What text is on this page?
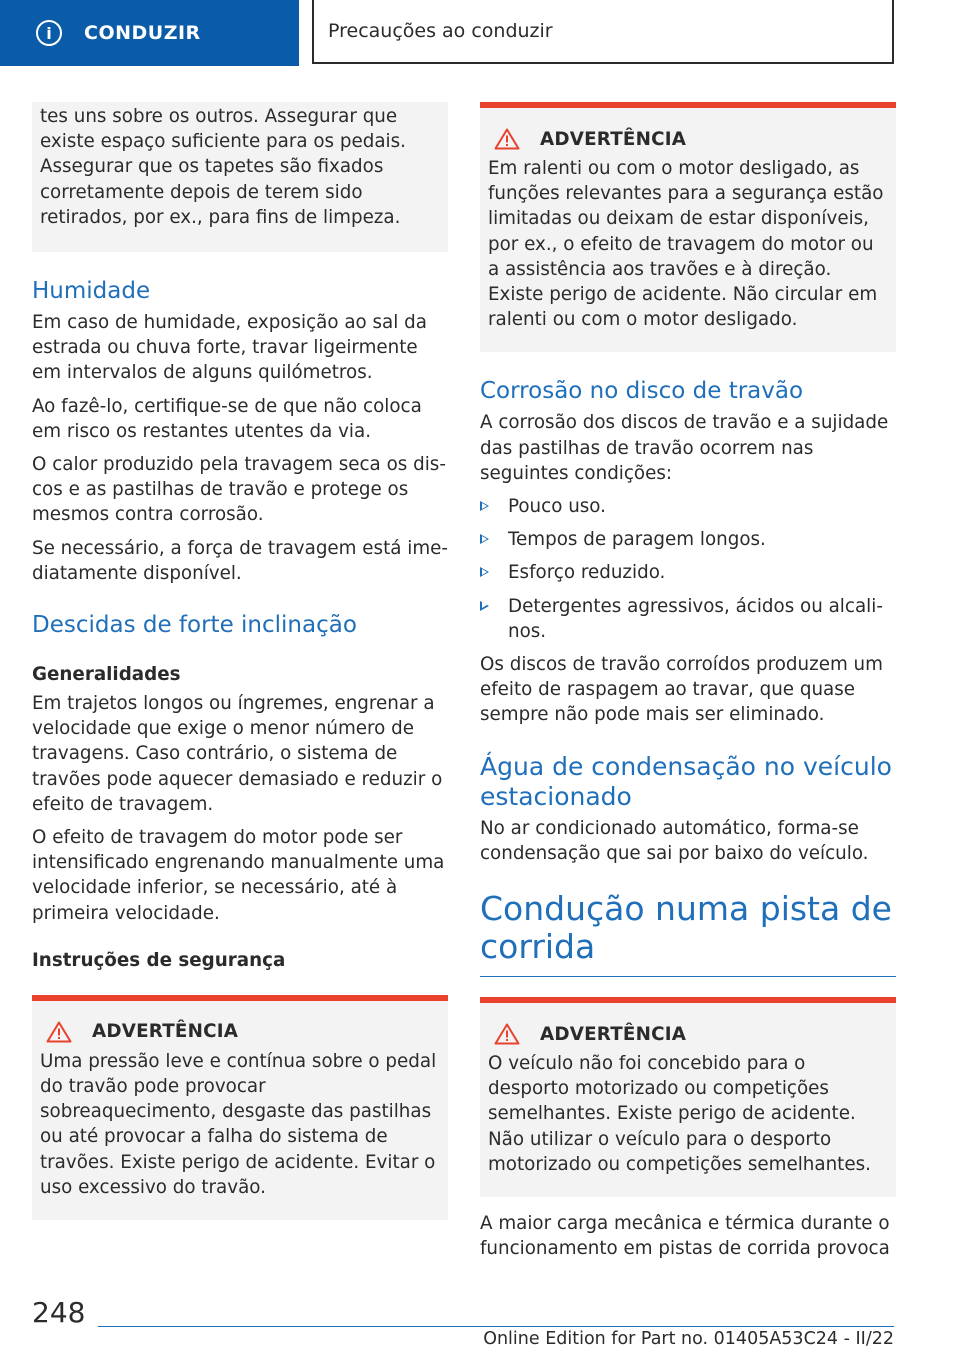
i	CONDUZIR	Precauções ao conduzir

tes uns sobre os outros. Assegurar que existe espaço suficiente para os pedais. Assegurar que os tapetes são fixados corretamente depois de terem sido retirados, por ex., para fins de limpeza.

Humidade

Em caso de humidade, exposição ao sal da estrada ou chuva forte, travar ligeirmente em intervalos de alguns quilómetros.

Ao fazê-lo, certifique-se de que não coloca em risco os restantes utentes da via.

O calor produzido pela travagem seca os discos e as pastilhas de travão e protege os mesmos contra corrosão.

Se necessário, a força de travagem está imediatamente disponível.

Descidas de forte inclinação
Generalidades

Em trajetos longos ou íngremes, engrenar a velocidade que exige o menor número de travagens. Caso contrário, o sistema de travões pode aquecer demasiado e reduzir o efeito de travagem.

O efeito de travagem do motor pode ser intensificado engrenando manualmente uma velocidade inferior, se necessário, até à primeira velocidade.

Instruções de segurança
ADVERTÊNCIA

Uma pressão leve e contínua sobre o pedal do travão pode provocar sobreaquecimento, desgaste das pastilhas ou até provocar a falha do sistema de travões. Existe perigo de acidente. Evitar o uso excessivo do travão.

ADVERTÊNCIA

Em ralenti ou com o motor desligado, as funções relevantes para a segurança estão limitadas ou deixam de estar disponíveis, por ex., o efeito de travagem do motor ou a assistência aos travões e à direção. Existe perigo de acidente. Não circular em ralenti ou com o motor desligado.

Corrosão no disco de travão

A corrosão dos discos de travão e a sujidade das pastilhas de travão ocorrem nas seguintes condições:

Pouco uso.
Tempos de paragem longos.
Esforço reduzido.
Detergentes agressivos, ácidos ou alcalinos.

Os discos de travão corroídos produzem um efeito de raspagem ao travar, que quase sempre não pode mais ser eliminado.

Água de condensação no veículo estacionado

No ar condicionado automático, forma-se condensação que sai por baixo do veículo.

Condução numa pista de corrida
ADVERTÊNCIA

O veículo não foi concebido para o desporto motorizado ou competições semelhantes. Existe perigo de acidente. Não utilizar o veículo para o desporto motorizado ou competições semelhantes.

A maior carga mecânica e térmica durante o funcionamento em pistas de corrida provoca

248
Online Edition for Part no. 01405A53C24 - II/22
